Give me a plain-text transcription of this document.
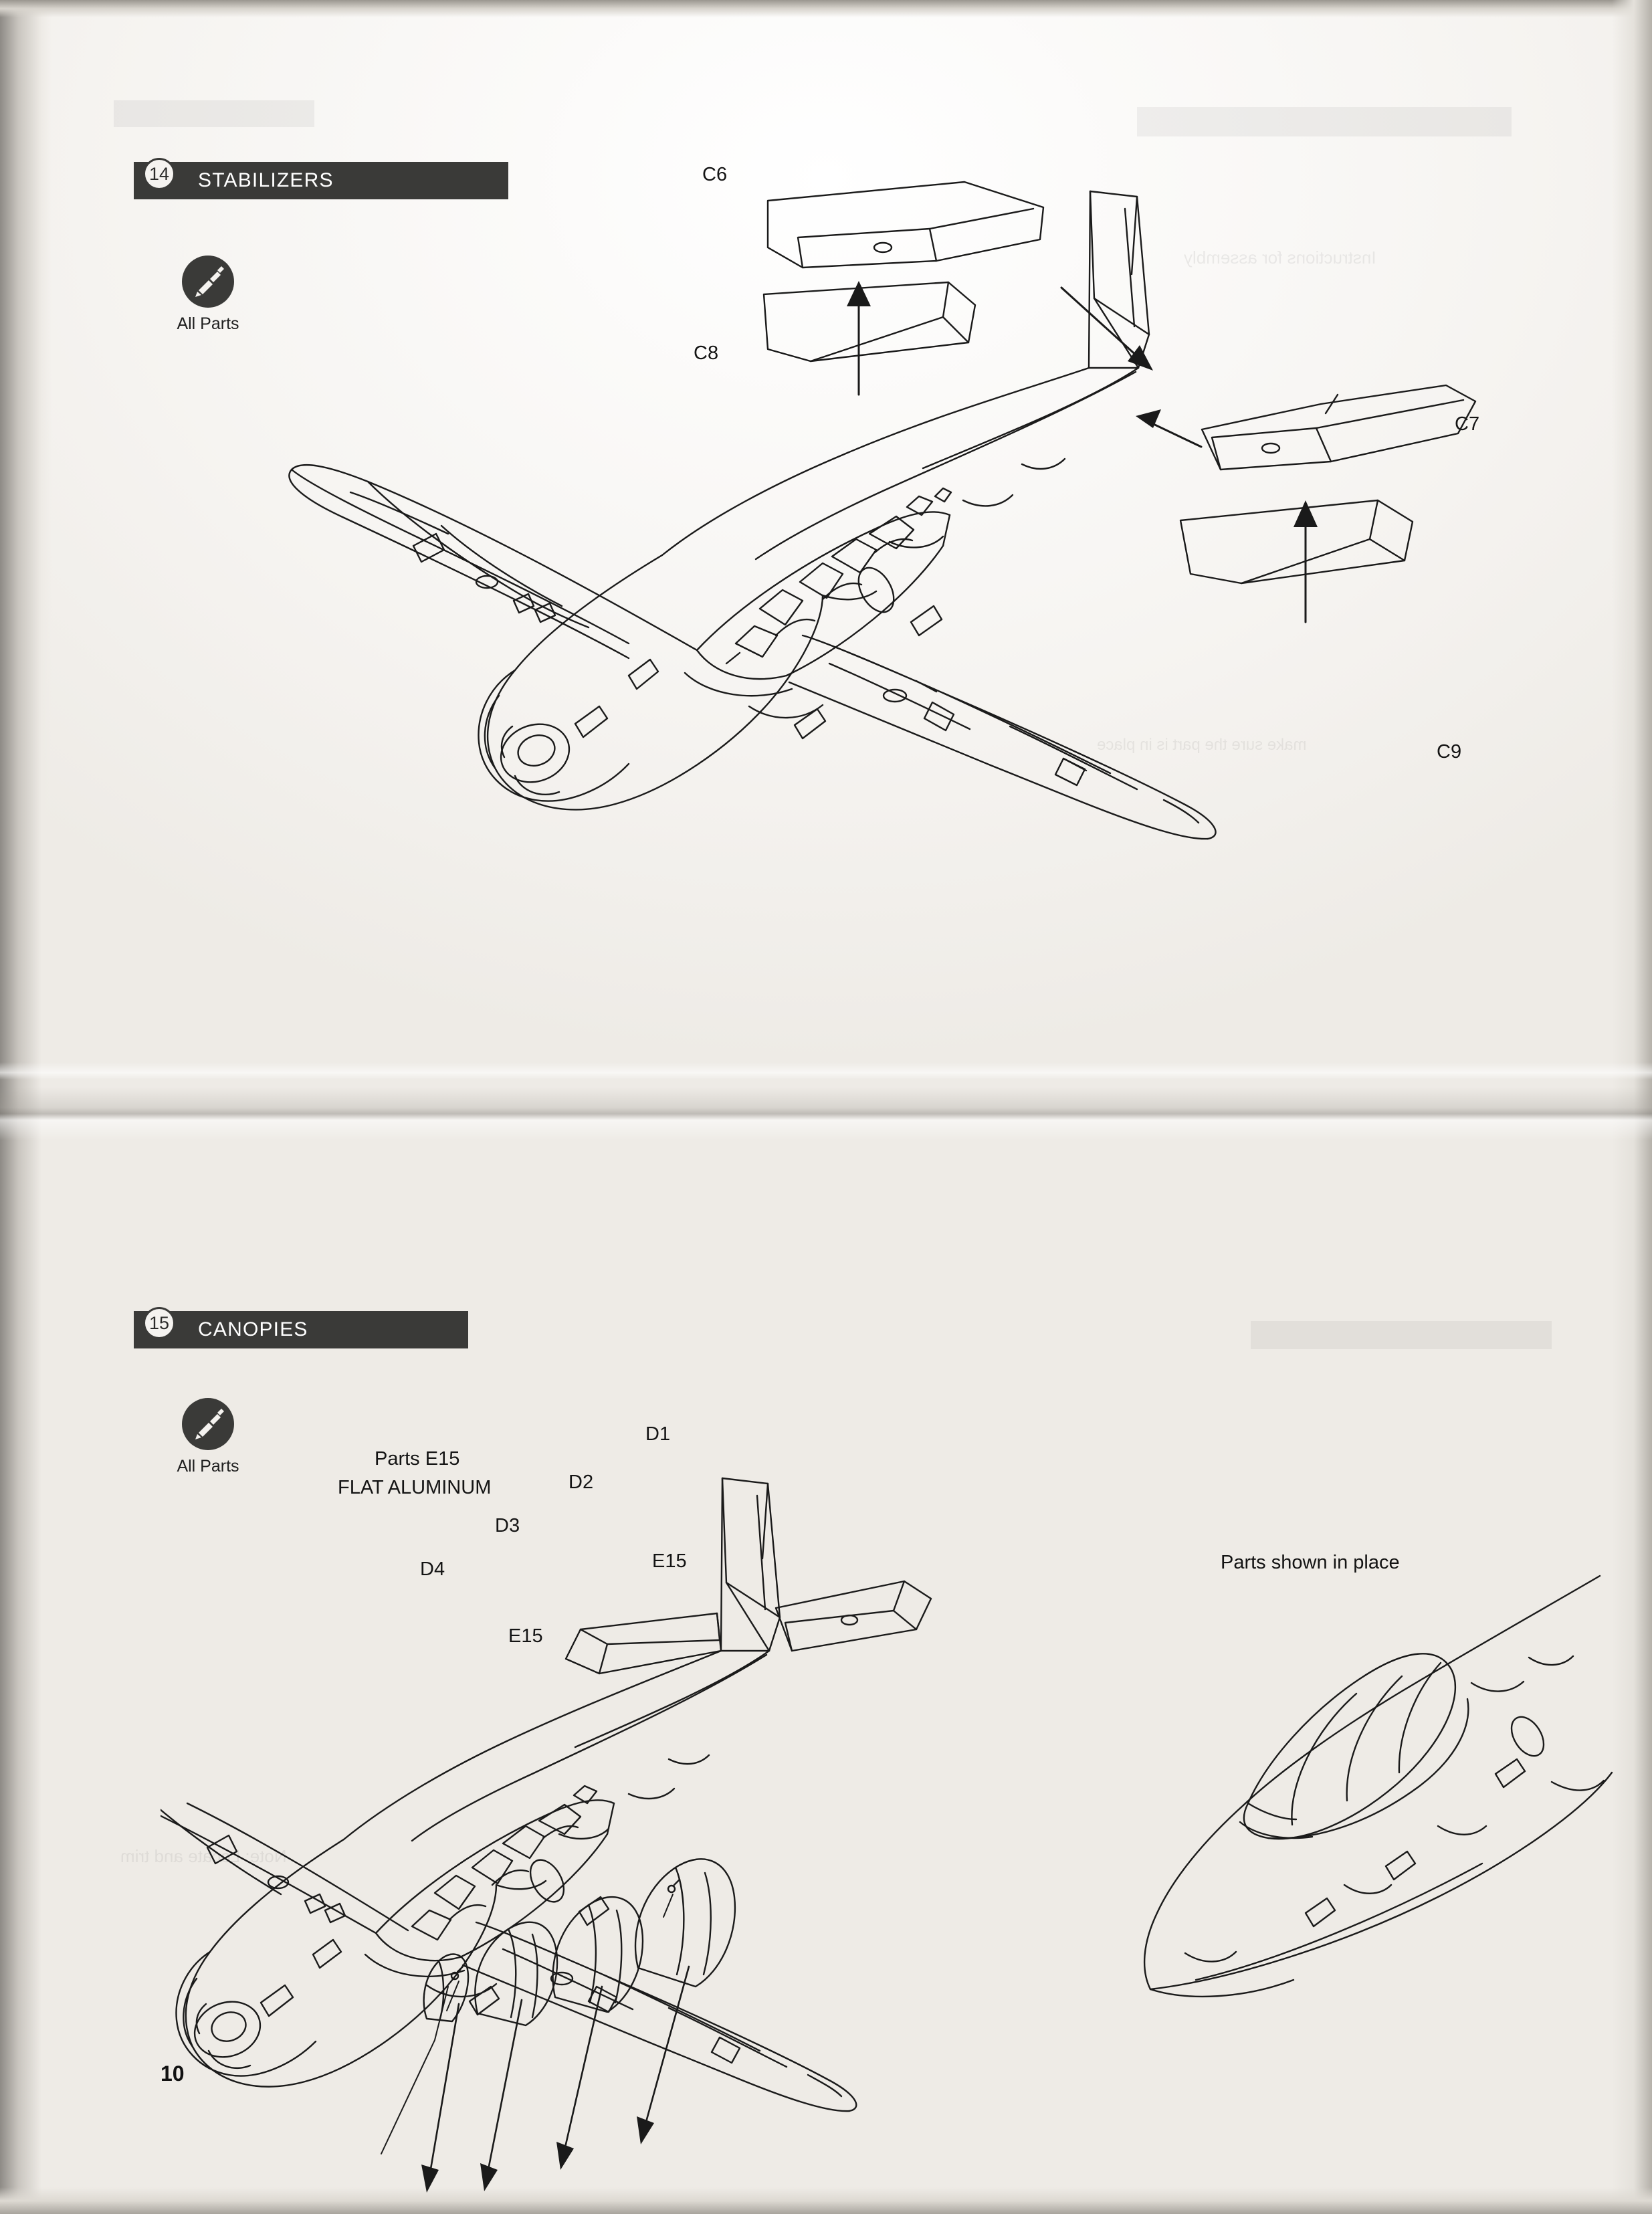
14 STABILIZERS
All Parts
C6
C8
C7
C9
15 CANOPIES
All Parts	Parts E15
FLAT ALUMINUM
Parts shown in place
D1
D2
D3
D4
E15
E15
10
